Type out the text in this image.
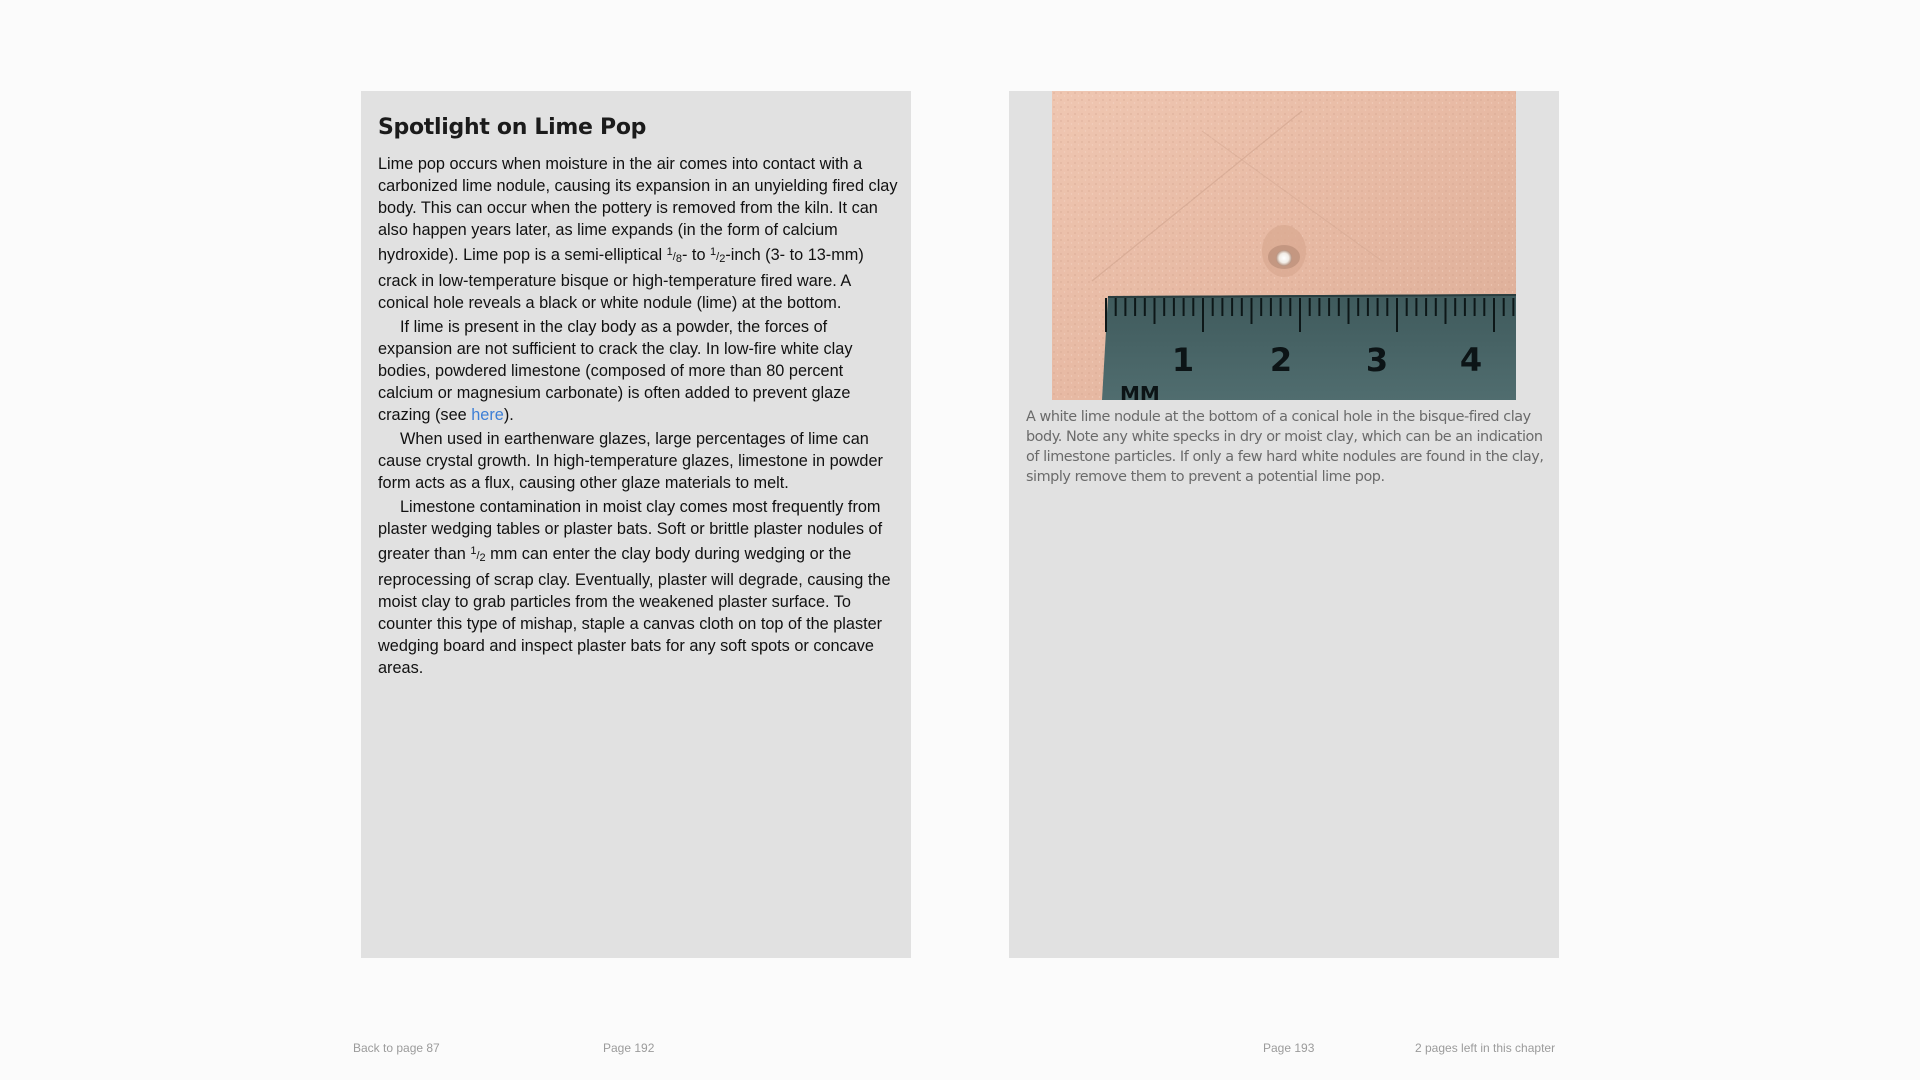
Spotlight on Lime Pop

Lime pop occurs when moisture in the air comes into contact with a carbonized lime nodule, causing its expansion in an unyielding fired clay body. This can occur when the pottery is removed from the kiln. It can also happen years later, as lime expands (in the form of calcium hydroxide). Lime pop is a semi-elliptical $^1$/8- to $^1$/2-inch (3- to 13-mm) crack in low-temperature bisque or high-temperature fired ware. A conical hole reveals a black or white nodule (lime) at the bottom.

If lime is present in the clay body as a powder, the forces of expansion are not sufficient to crack the clay. In low-fire white clay bodies, powdered limestone (composed of more than 80 percent calcium or magnesium carbonate) is often added to prevent glaze crazing (see here).

When used in earthenware glazes, large percentages of lime can cause crystal growth. In high-temperature glazes, limestone in powder form acts as a flux, causing other glaze materials to melt.

Limestone contamination in moist clay comes most frequently from plaster wedging tables or plaster bats. Soft or brittle plaster nodules of greater than $^1$/2 mm can enter the clay body during wedging or the reprocessing of scrap clay. Eventually, plaster will degrade, causing the moist clay to grab particles from the weakened plaster surface. To counter this type of mishap, staple a canvas cloth on top of the plaster wedging board and inspect plaster bats for any soft spots or concave areas.

1 2 3 4
MM
A white lime nodule at the bottom of a conical hole in the bisque-fired clay body. Note any white specks in dry or moist clay, which can be an indication of limestone particles. If only a few hard white nodules are found in the clay, simply remove them to prevent a potential lime pop.
Back to page 87	Page 192	Page 193	2 pages left in this chapter
